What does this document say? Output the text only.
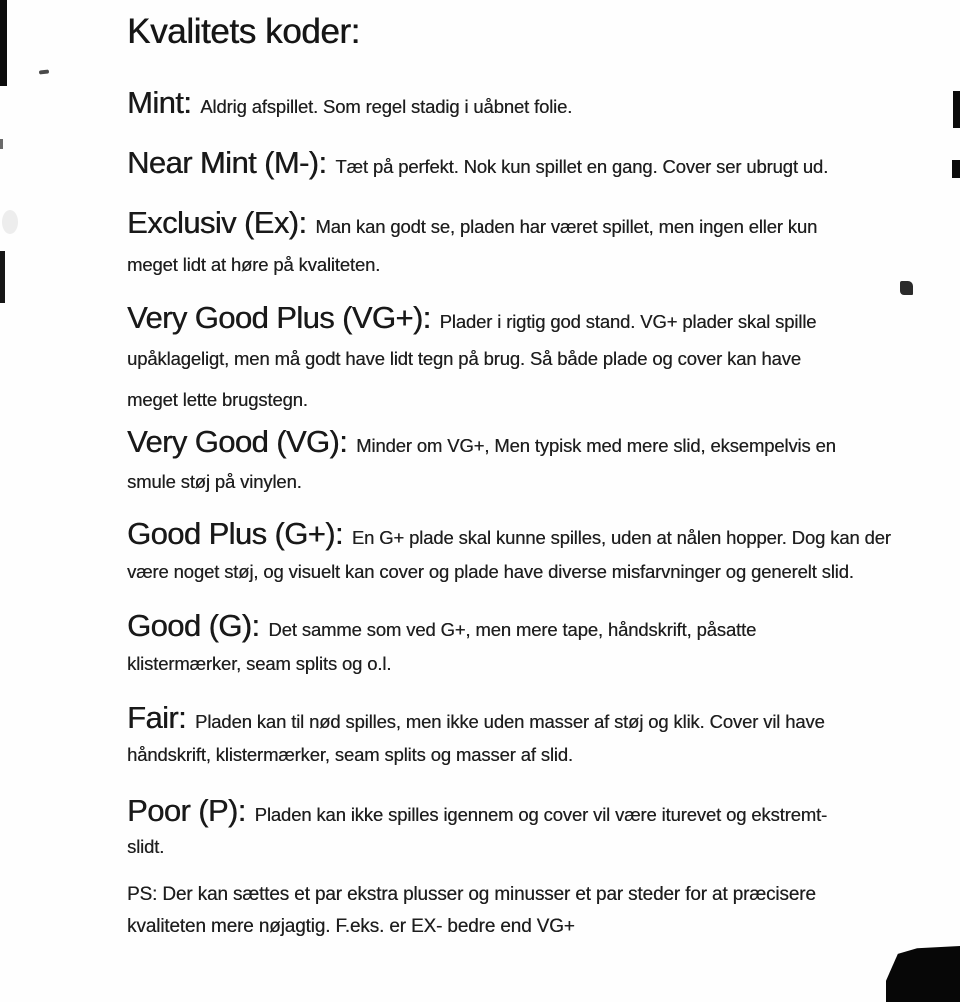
Kvalitets koder:
Mint: Aldrig afspillet. Som regel stadig i uåbnet folie.
Near Mint (M-): Tæt på perfekt. Nok kun spillet en gang. Cover ser ubrugt ud.
Exclusiv (Ex): Man kan godt se, pladen har været spillet, men ingen eller kun
meget lidt at høre på kvaliteten.
Very Good Plus (VG+): Plader i rigtig god stand. VG+ plader skal spille
upåklageligt, men må godt have lidt tegn på brug. Så både plade og cover kan have
meget lette brugstegn.
Very Good (VG): Minder om VG+, Men typisk med mere slid, eksempelvis en
smule støj på vinylen.
Good Plus (G+): En G+ plade skal kunne spilles, uden at nålen hopper. Dog kan der
være noget støj, og visuelt kan cover og plade have diverse misfarvninger og generelt slid.
Good (G): Det samme som ved G+, men mere tape, håndskrift, påsatte
klistermærker, seam splits og o.l.
Fair: Pladen kan til nød spilles, men ikke uden masser af støj og klik. Cover vil have
håndskrift, klistermærker, seam splits og masser af slid.
Poor (P): Pladen kan ikke spilles igennem og cover vil være iturevet og ekstremt-
slidt.
PS: Der kan sættes et par ekstra plusser og minusser et par steder for at præcisere
kvaliteten mere nøjagtig. F.eks. er EX- bedre end VG+
